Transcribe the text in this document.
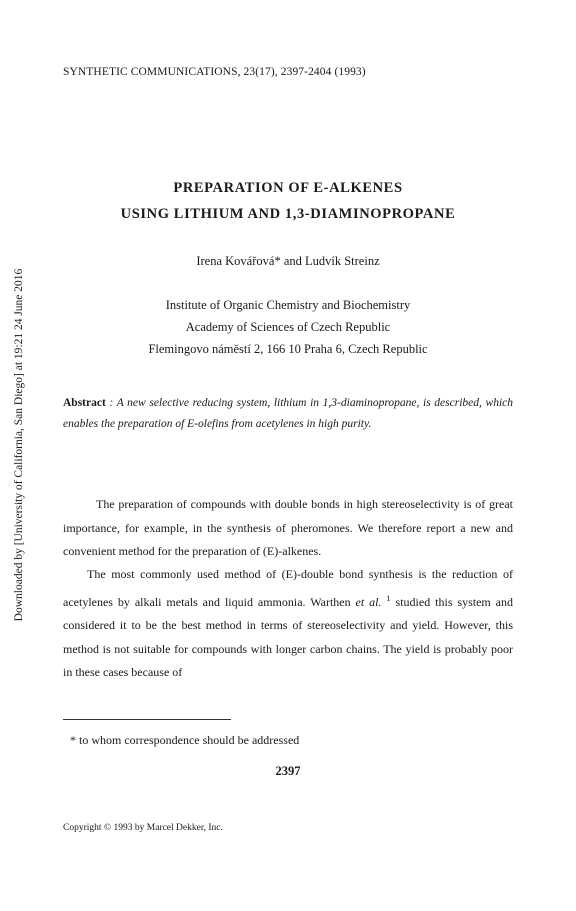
SYNTHETIC COMMUNICATIONS, 23(17), 2397-2404 (1993)
PREPARATION OF E-ALKENES
USING LITHIUM AND 1,3-DIAMINOPROPANE
Irena Kovářová* and Ludvík Streinz
Institute of Organic Chemistry and Biochemistry
Academy of Sciences of Czech Republic
Flemingovo náměstí 2, 166 10 Praha 6, Czech Republic
Abstract : A new selective reducing system, lithium in 1,3-diaminopropane, is described, which enables the preparation of E-olefins from acetylenes in high purity.
The preparation of compounds with double bonds in high stereoselectivity is of great importance, for example, in the synthesis of pheromones. We therefore report a new and convenient method for the preparation of (E)-alkenes.
The most commonly used method of (E)-double bond synthesis is the reduction of acetylenes by alkali metals and liquid ammonia. Warthen et al. $^1$ studied this system and considered it to be the best method in terms of stereoselectivity and yield. However, this method is not suitable for compounds with longer carbon chains. The yield is probably poor in these cases because of
* to whom correspondence should be addressed
2397
Copyright © 1993 by Marcel Dekker, Inc.
Downloaded by [University of California, San Diego] at 19:21 24 June 2016
